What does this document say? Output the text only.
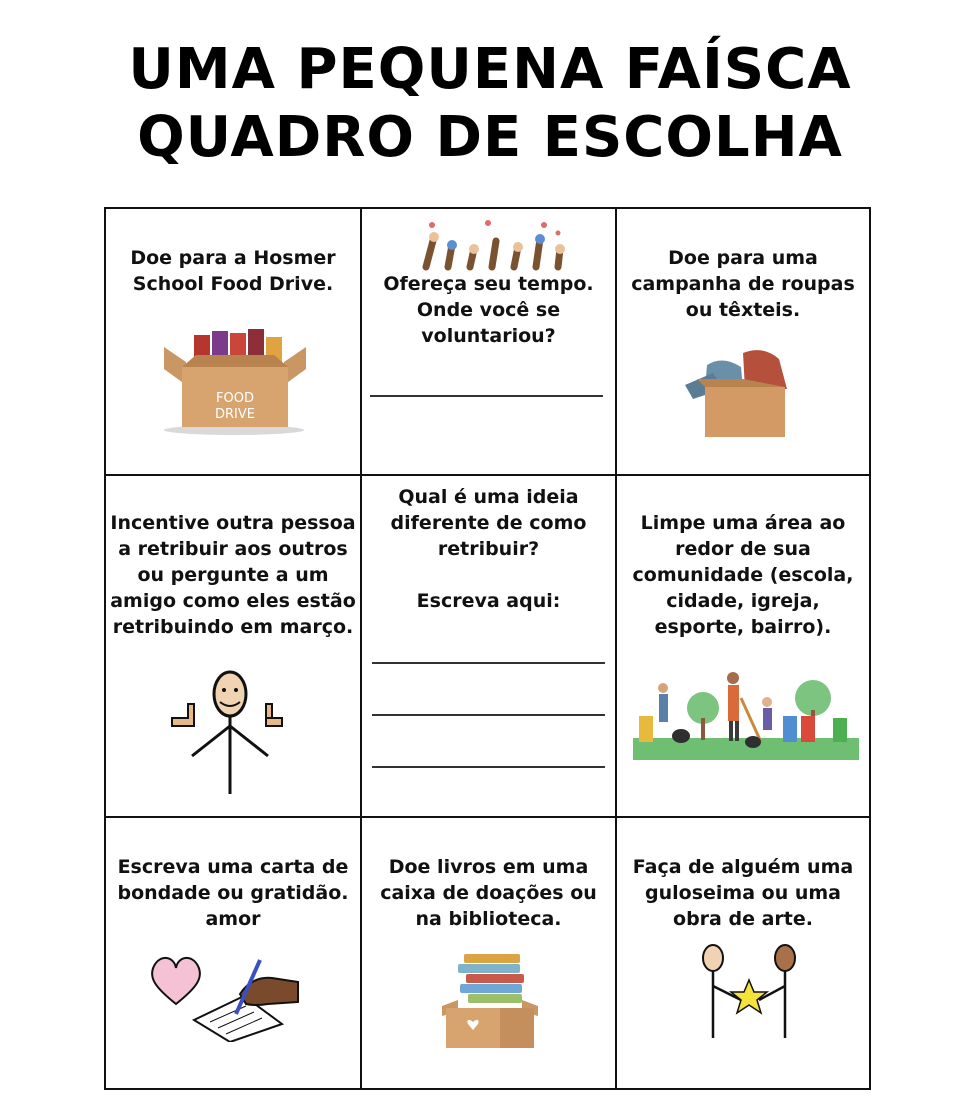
UMA PEQUENA FAÍSCA
QUADRO DE ESCOLHA
Doe para a Hosmer School Food Drive.
FOOD
DRIVE
Ofereça seu tempo. Onde você se voluntariou?
Doe para uma campanha de roupas ou têxteis.
Incentive outra pessoa a retribuir aos outros ou pergunte a um amigo como eles estão retribuindo em março.
Qual é uma ideia diferente de como retribuir?
Escreva aqui:
Limpe uma área ao redor de sua comunidade (escola, cidade, igreja, esporte, bairro).
Escreva uma carta de bondade ou gratidão. amor
Doe livros em uma caixa de doações ou na biblioteca.
Faça de alguém uma guloseima ou uma obra de arte.
